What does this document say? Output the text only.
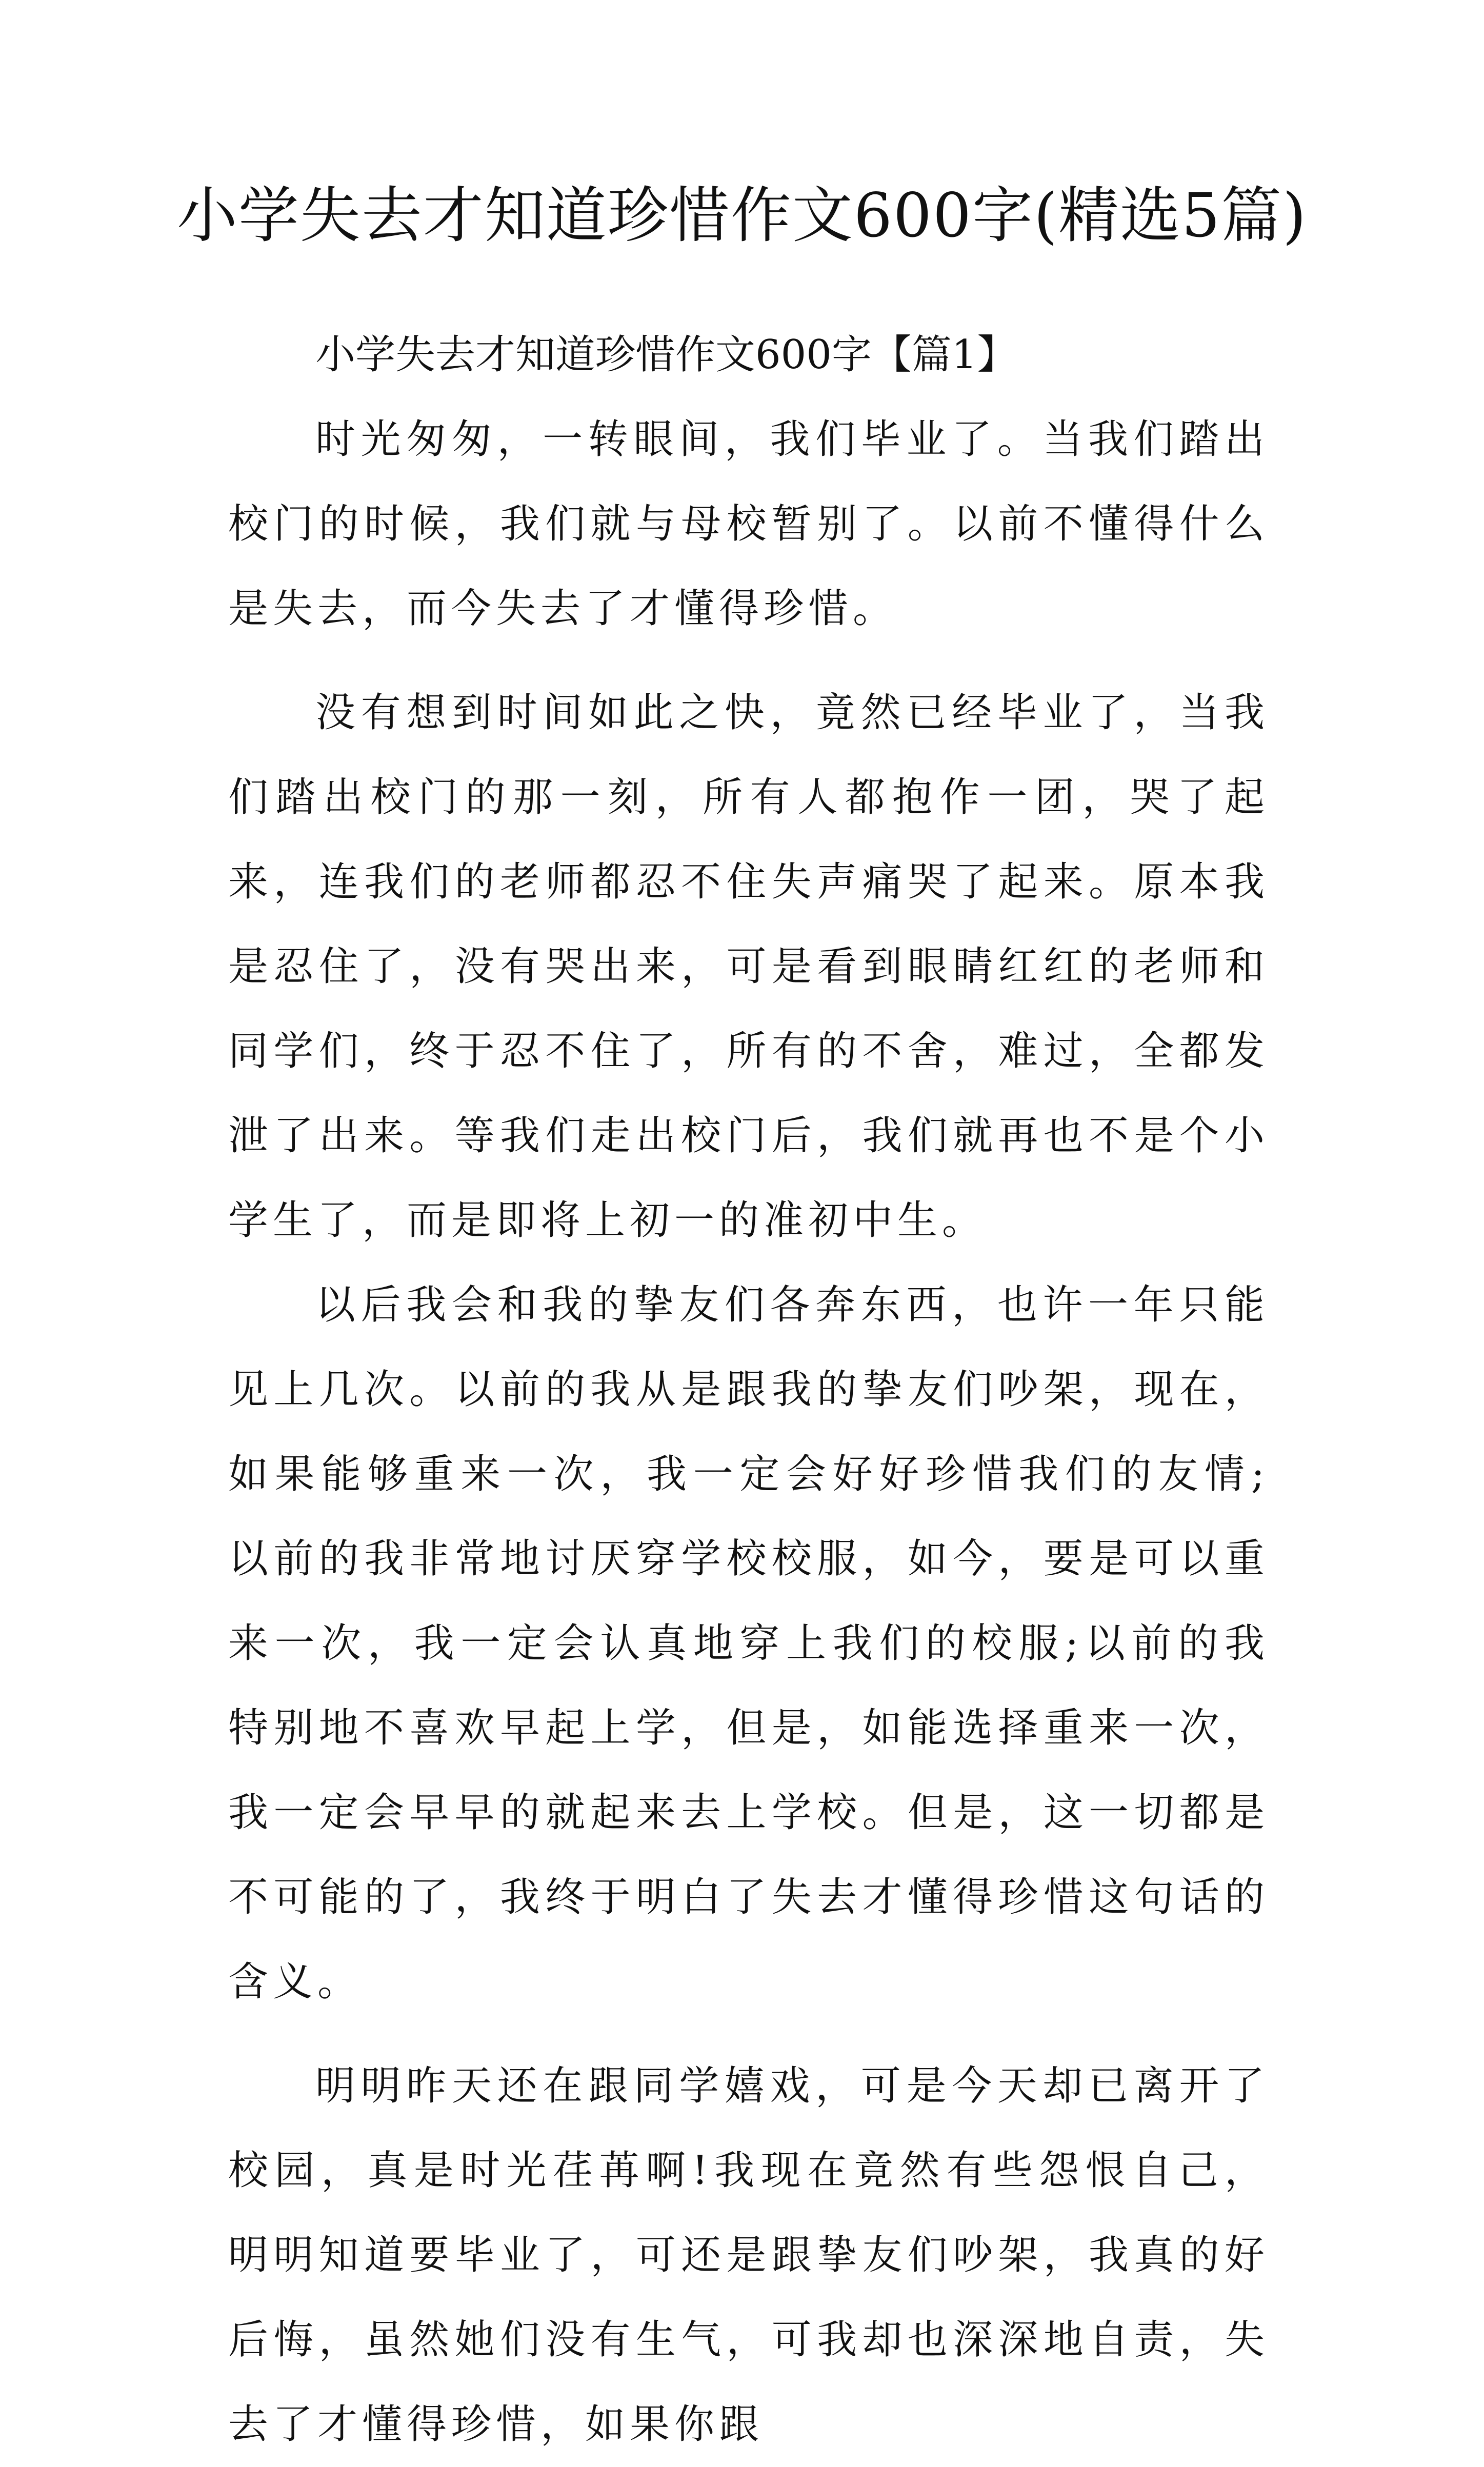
小学失去才知道珍惜作文600字(精选5篇)
小学失去才知道珍惜作文600字【篇1】

时光匆匆，一转眼间，我们毕业了。当我们踏出校门的时候，我们就与母校暂别了。以前不懂得什么是失去，而今失去了才懂得珍惜。

没有想到时间如此之快，竟然已经毕业了，当我们踏出校门的那一刻，所有人都抱作一团，哭了起来，连我们的老师都忍不住失声痛哭了起来。原本我是忍住了，没有哭出来，可是看到眼睛红红的老师和同学们，终于忍不住了，所有的不舍，难过，全都发泄了出来。等我们走出校门后，我们就再也不是个小学生了，而是即将上初一的准初中生。

以后我会和我的挚友们各奔东西，也许一年只能见上几次。以前的我从是跟我的挚友们吵架，现在，如果能够重来一次，我一定会好好珍惜我们的友情;以前的我非常地讨厌穿学校校服，如今，要是可以重来一次，我一定会认真地穿上我们的校服;以前的我特别地不喜欢早起上学，但是，如能选择重来一次，我一定会早早的就起来去上学校。但是，这一切都是不可能的了，我终于明白了失去才懂得珍惜这句话的含义。

明明昨天还在跟同学嬉戏，可是今天却已离开了校园，真是时光荏苒啊!我现在竟然有些怨恨自己，明明知道要毕业了，可还是跟挚友们吵架，我真的好后悔，虽然她们没有生气，可我却也深深地自责，失去了才懂得珍惜，如果你跟
